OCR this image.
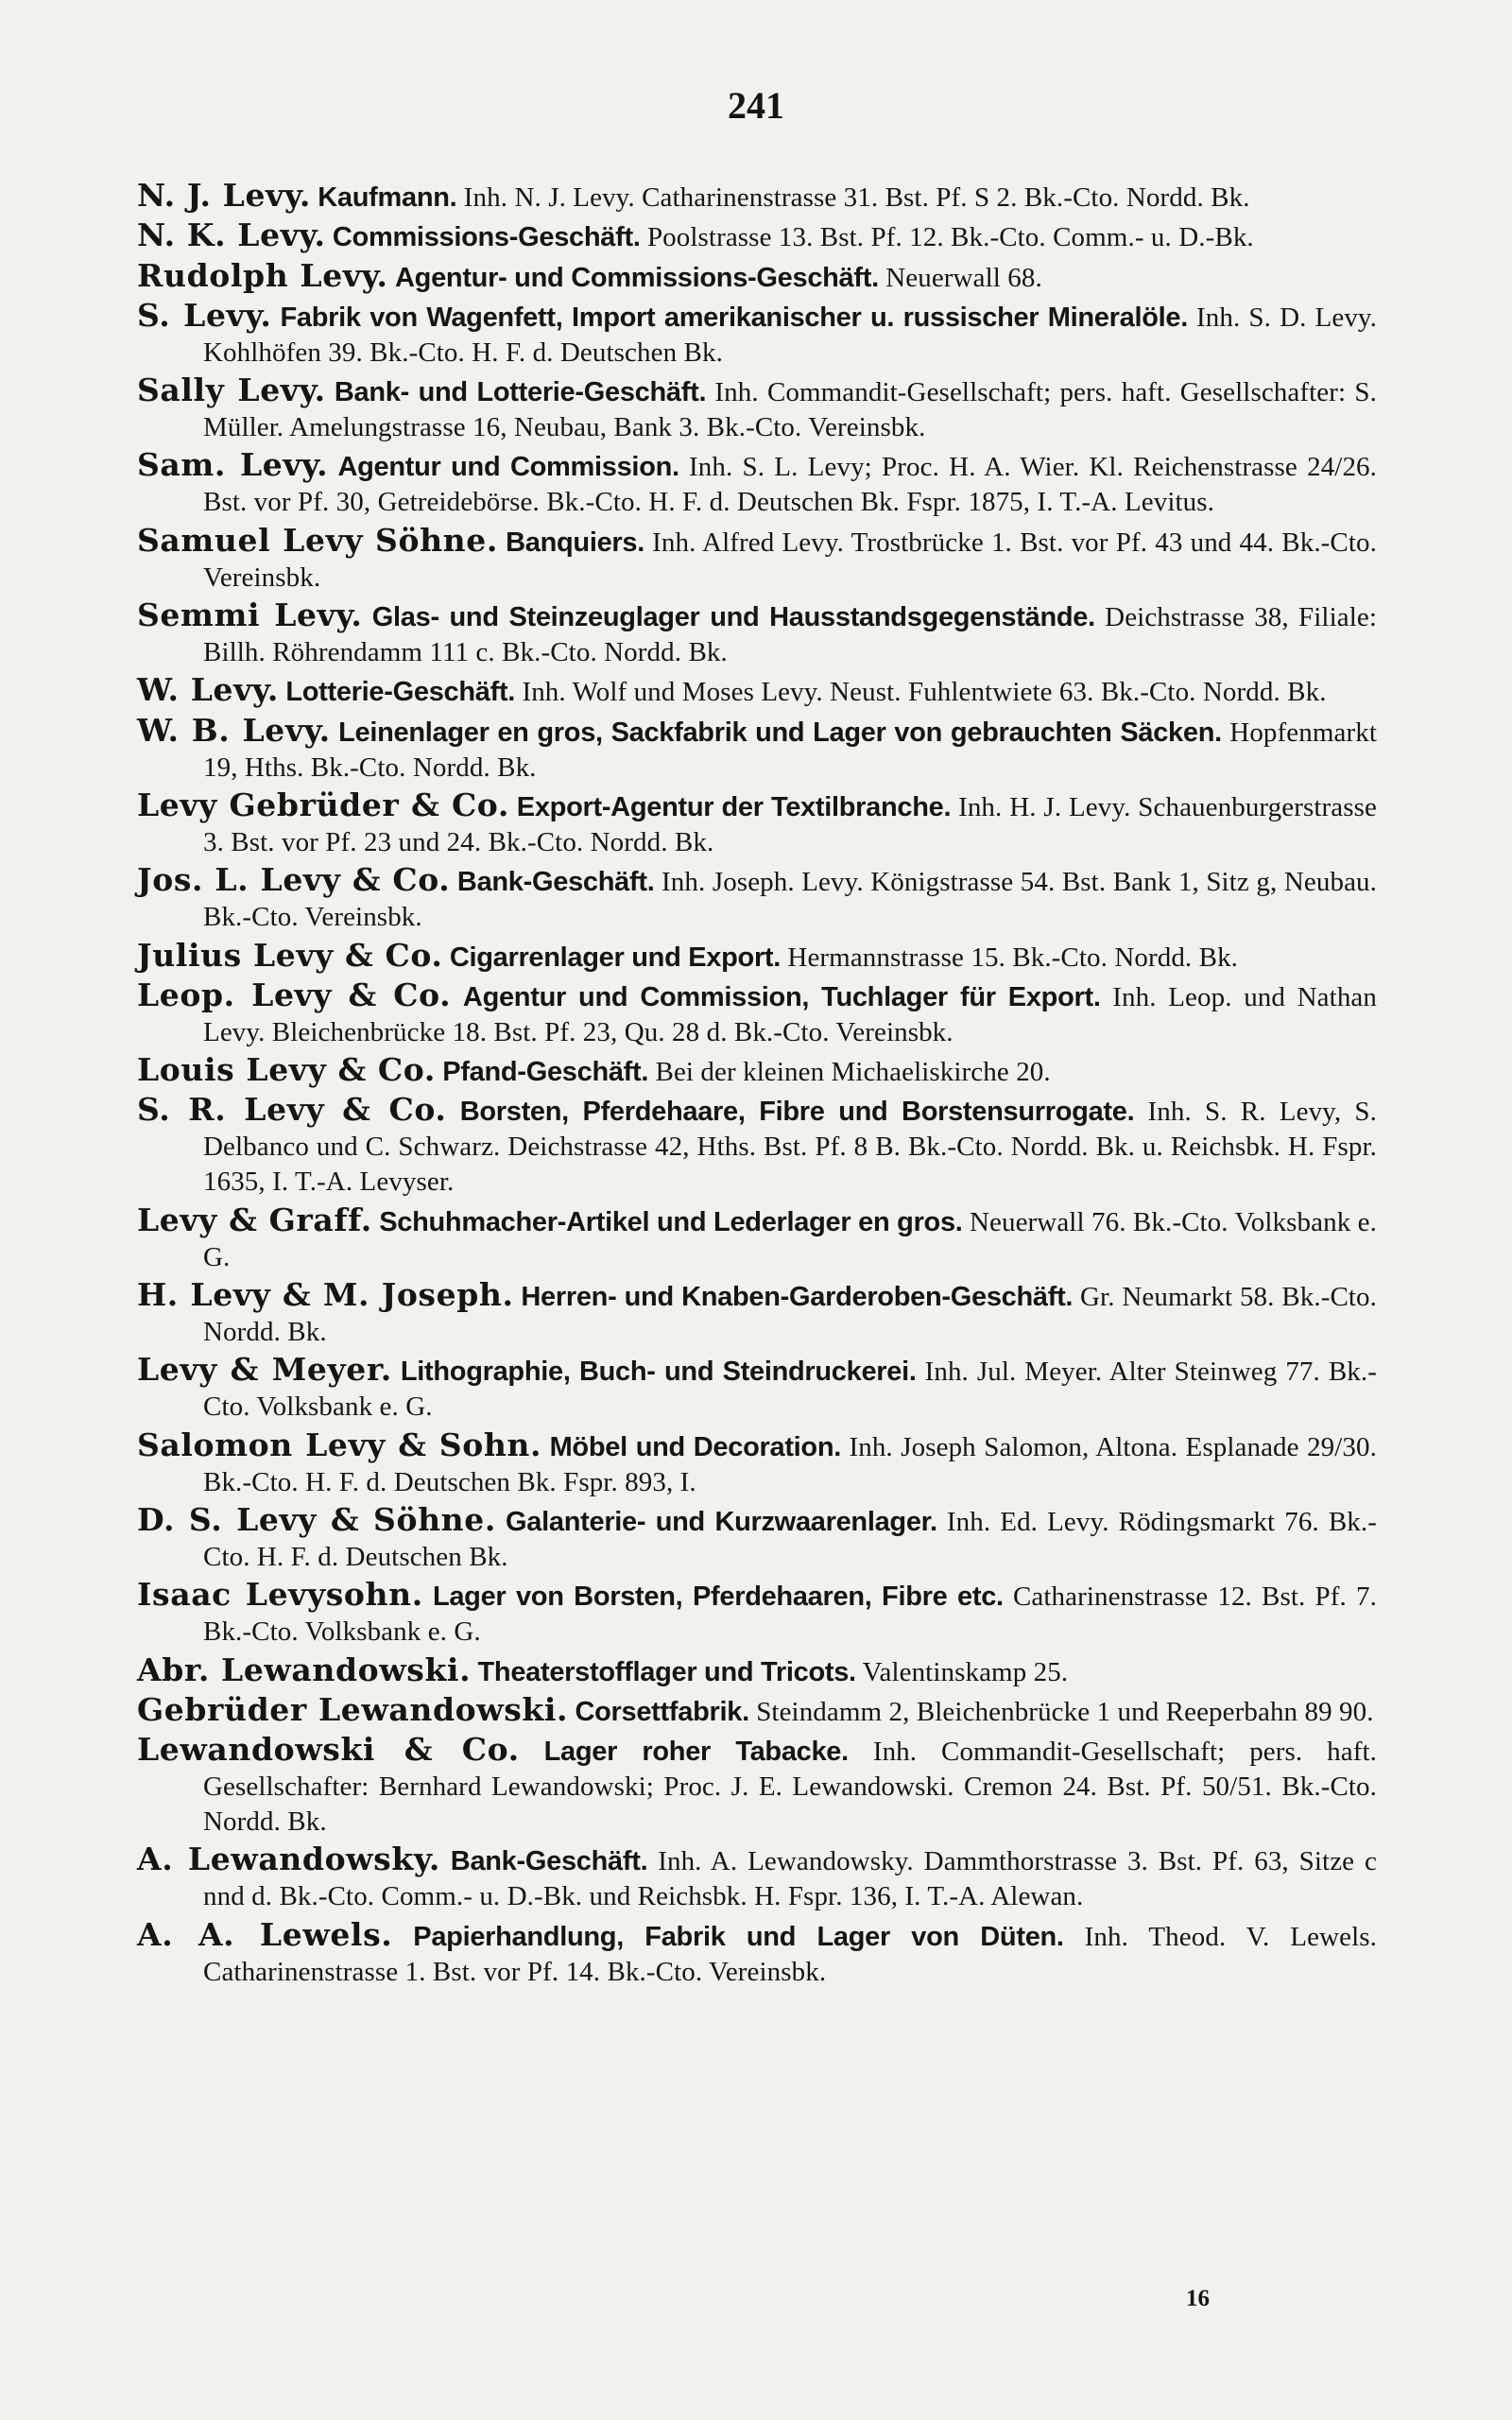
241

N. J. Levy. Kaufmann. Inh. N. J. Levy. Catharinenstrasse 31. Bst. Pf. S 2. Bk.-Cto. Nordd. Bk.

N. K. Levy. Commissions-Geschäft. Poolstrasse 13. Bst. Pf. 12. Bk.-Cto. Comm.- u. D.-Bk.

Rudolph Levy. Agentur- und Commissions-Geschäft. Neuerwall 68.

S. Levy. Fabrik von Wagenfett, Import amerikanischer u. russischer Mineralöle. Inh. S. D. Levy. Kohlhöfen 39. Bk.-Cto. H. F. d. Deutschen Bk.

Sally Levy. Bank- und Lotterie-Geschäft. Inh. Commandit-Gesellschaft; pers. haft. Gesellschafter: S. Müller. Amelungstrasse 16, Neubau, Bank 3. Bk.-Cto. Vereinsbk.

Sam. Levy. Agentur und Commission. Inh. S. L. Levy; Proc. H. A. Wier. Kl. Reichenstrasse 24/26. Bst. vor Pf. 30, Getreidebörse. Bk.-Cto. H. F. d. Deutschen Bk. Fspr. 1875, I. T.-A. Levitus.

Samuel Levy Söhne. Banquiers. Inh. Alfred Levy. Trostbrücke 1. Bst. vor Pf. 43 und 44. Bk.-Cto. Vereinsbk.

Semmi Levy. Glas- und Steinzeuglager und Hausstandsgegenstände. Deichstrasse 38, Filiale: Billh. Röhrendamm 111 c. Bk.-Cto. Nordd. Bk.

W. Levy. Lotterie-Geschäft. Inh. Wolf und Moses Levy. Neust. Fuhlentwiete 63. Bk.-Cto. Nordd. Bk.

W. B. Levy. Leinenlager en gros, Sackfabrik und Lager von gebrauchten Säcken. Hopfenmarkt 19, Hths. Bk.-Cto. Nordd. Bk.

Levy Gebrüder & Co. Export-Agentur der Textilbranche. Inh. H. J. Levy. Schauenburgerstrasse 3. Bst. vor Pf. 23 und 24. Bk.-Cto. Nordd. Bk.

Jos. L. Levy & Co. Bank-Geschäft. Inh. Joseph. Levy. Königstrasse 54. Bst. Bank 1, Sitz g, Neubau. Bk.-Cto. Vereinsbk.

Julius Levy & Co. Cigarrenlager und Export. Hermannstrasse 15. Bk.-Cto. Nordd. Bk.

Leop. Levy & Co. Agentur und Commission, Tuchlager für Export. Inh. Leop. und Nathan Levy. Bleichenbrücke 18. Bst. Pf. 23, Qu. 28 d. Bk.-Cto. Vereinsbk.

Louis Levy & Co. Pfand-Geschäft. Bei der kleinen Michaeliskirche 20.

S. R. Levy & Co. Borsten, Pferdehaare, Fibre und Borstensurrogate. Inh. S. R. Levy, S. Delbanco und C. Schwarz. Deichstrasse 42, Hths. Bst. Pf. 8 B. Bk.-Cto. Nordd. Bk. u. Reichsbk. H. Fspr. 1635, I. T.-A. Levyser.

Levy & Graff. Schuhmacher-Artikel und Lederlager en gros. Neuerwall 76. Bk.-Cto. Volksbank e. G.

H. Levy & M. Joseph. Herren- und Knaben-Garderoben-Geschäft. Gr. Neumarkt 58. Bk.-Cto. Nordd. Bk.

Levy & Meyer. Lithographie, Buch- und Steindruckerei. Inh. Jul. Meyer. Alter Steinweg 77. Bk.-Cto. Volksbank e. G.

Salomon Levy & Sohn. Möbel und Decoration. Inh. Joseph Salomon, Altona. Esplanade 29/30. Bk.-Cto. H. F. d. Deutschen Bk. Fspr. 893, I.

D. S. Levy & Söhne. Galanterie- und Kurzwaarenlager. Inh. Ed. Levy. Rödingsmarkt 76. Bk.-Cto. H. F. d. Deutschen Bk.

Isaac Levysohn. Lager von Borsten, Pferdehaaren, Fibre etc. Catharinenstrasse 12. Bst. Pf. 7. Bk.-Cto. Volksbank e. G.

Abr. Lewandowski. Theaterstofflager und Tricots. Valentinskamp 25.

Gebrüder Lewandowski. Corsettfabrik. Steindamm 2, Bleichenbrücke 1 und Reeperbahn 89 90.

Lewandowski & Co. Lager roher Tabacke. Inh. Commandit-Gesellschaft; pers. haft. Gesellschafter: Bernhard Lewandowski; Proc. J. E. Lewandowski. Cremon 24. Bst. Pf. 50/51. Bk.-Cto. Nordd. Bk.

A. Lewandowsky. Bank-Geschäft. Inh. A. Lewandowsky. Dammthorstrasse 3. Bst. Pf. 63, Sitze c nnd d. Bk.-Cto. Comm.- u. D.-Bk. und Reichsbk. H. Fspr. 136, I. T.-A. Alewan.

A. A. Lewels. Papierhandlung, Fabrik und Lager von Düten. Inh. Theod. V. Lewels. Catharinenstrasse 1. Bst. vor Pf. 14. Bk.-Cto. Vereinsbk.

16
